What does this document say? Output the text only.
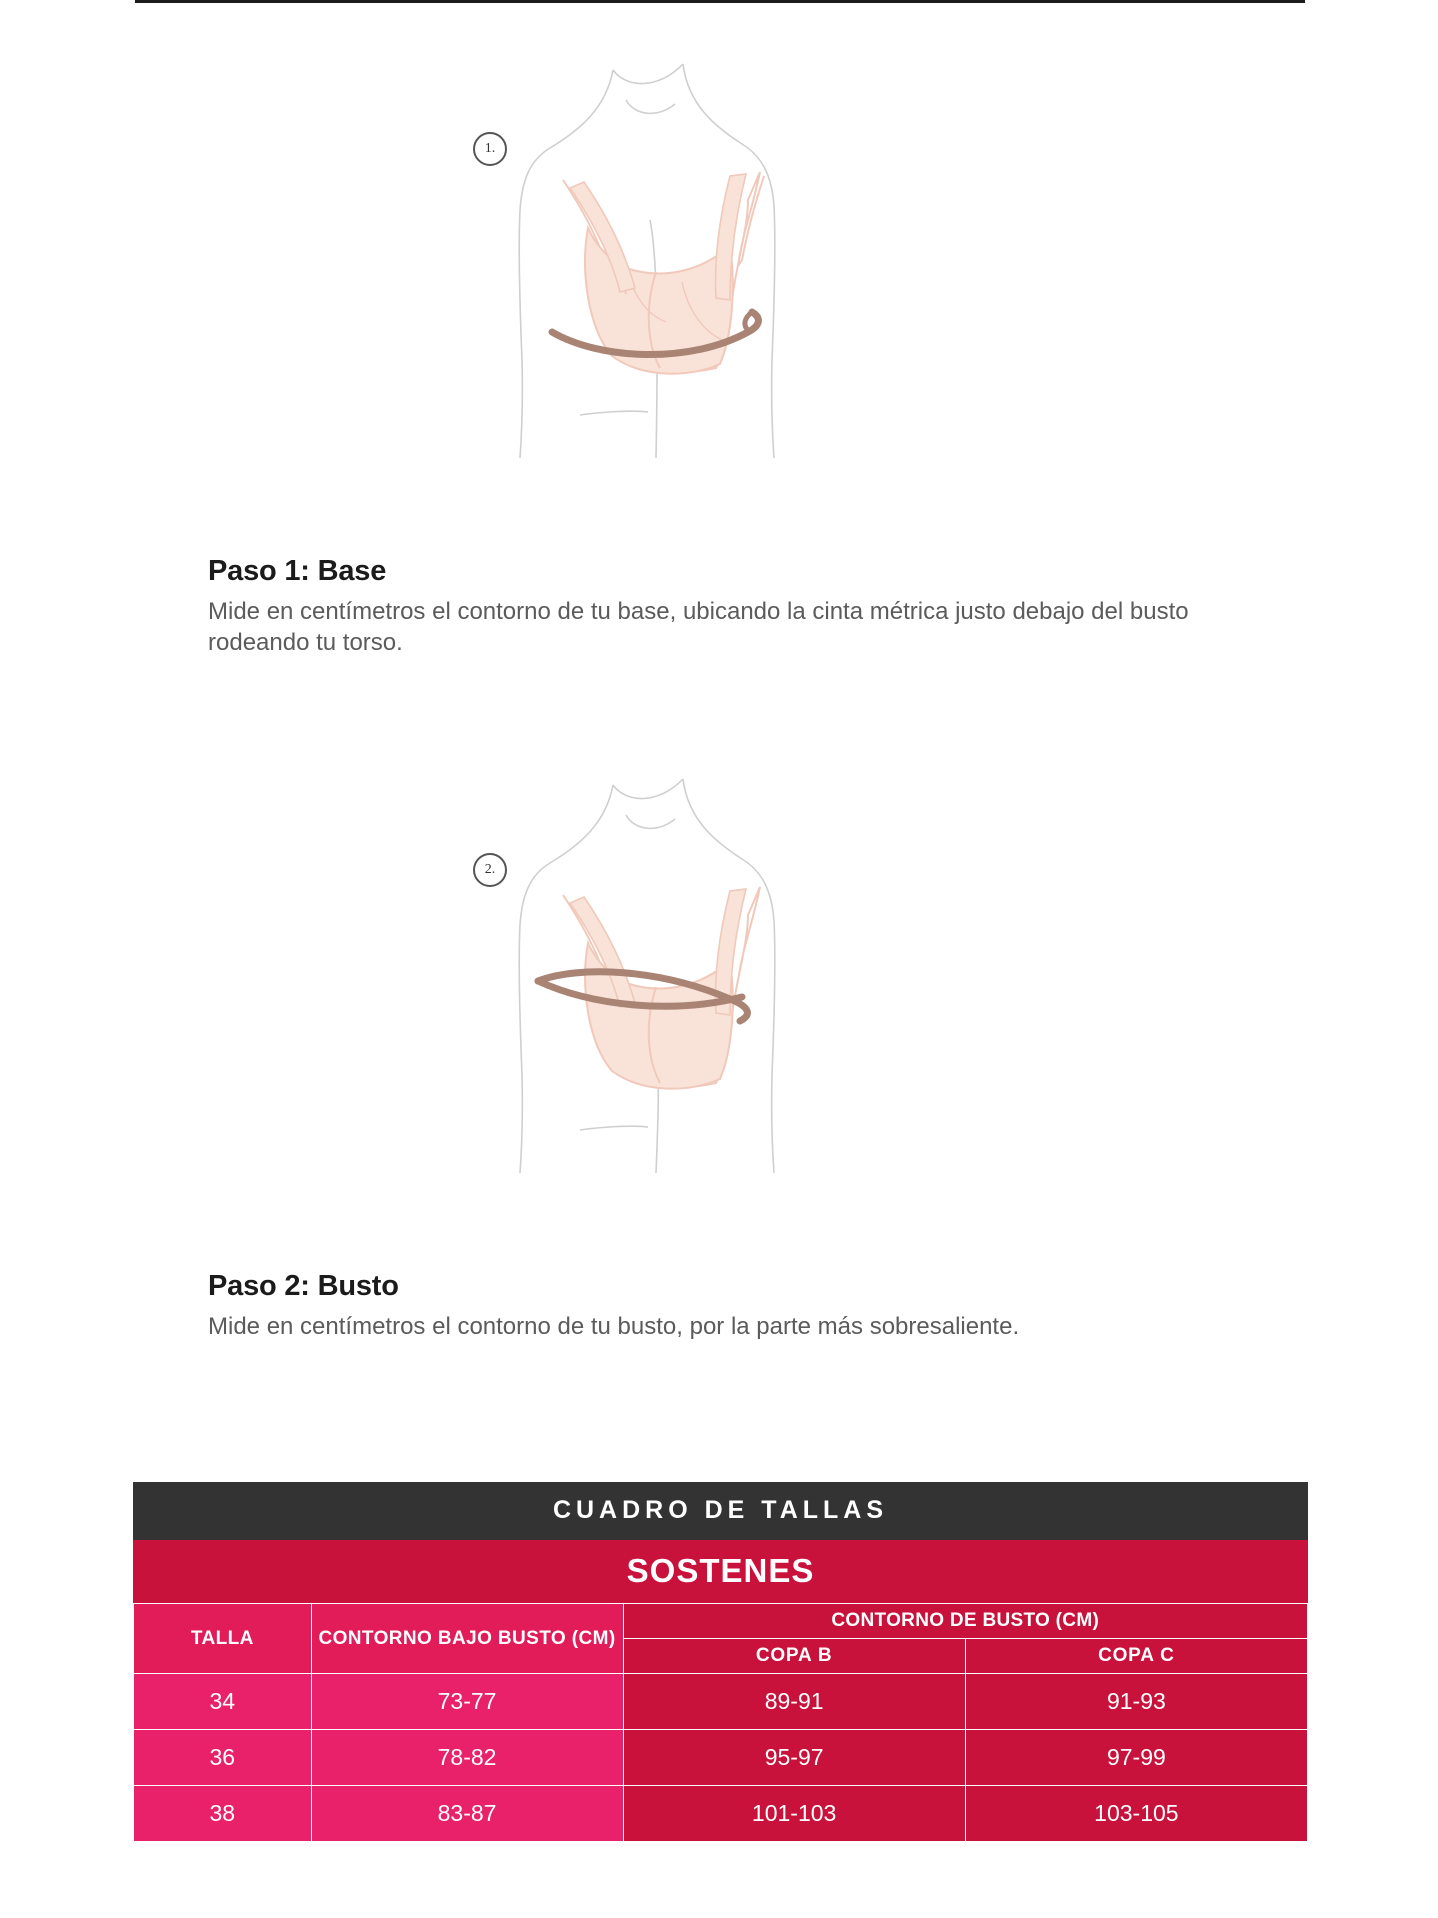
1.
Paso 1: Base
Mide en centímetros el contorno de tu base, ubicando la cinta métrica justo debajo del busto rodeando tu torso.
2.
Paso 2: Busto
Mide en centímetros el contorno de tu busto, por la parte más sobresaliente.
CUADRO DE TALLAS
SOSTENES
TALLA	CONTORNO BAJO BUSTO (CM)	CONTORNO DE BUSTO (CM)	
		COPA B	COPA C
34	73-77	89-91	91-93
36	78-82	95-97	97-99
38	83-87	101-103	103-105
